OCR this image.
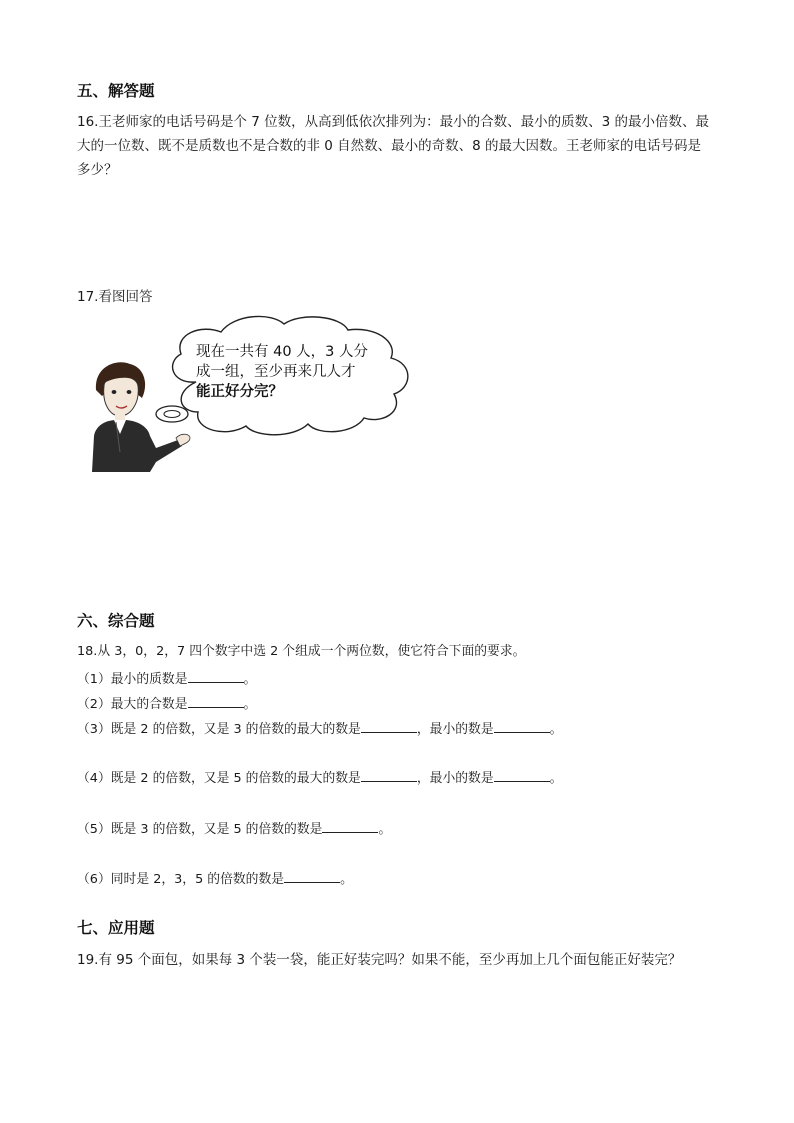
五、解答题
16.王老师家的电话号码是个 7 位数，从高到低依次排列为：最小的合数、最小的质数、3 的最小倍数、最
大的一位数、既不是质数也不是合数的非 0 自然数、最小的奇数、8 的最大因数。王老师家的电话号码是
多少？
17.看图回答
现在一共有 40 人，3 人分
成一组，至少再来几人才
能正好分完？
六、综合题
18.从 3，0，2，7 四个数字中选 2 个组成一个两位数，使它符合下面的要求。
（1）最小的质数是	。
（2）最大的合数是	。
（3）既是 2 的倍数，又是 3 的倍数的最大的数是	，最小的数是	。
（4）既是 2 的倍数，又是 5 的倍数的最大的数是	，最小的数是	。
（5）既是 3 的倍数，又是 5 的倍数的数是	。
（6）同时是 2，3，5 的倍数的数是	。
七、应用题
19.有 95 个面包，如果每 3 个装一袋，能正好装完吗？如果不能，至少再加上几个面包能正好装完？
